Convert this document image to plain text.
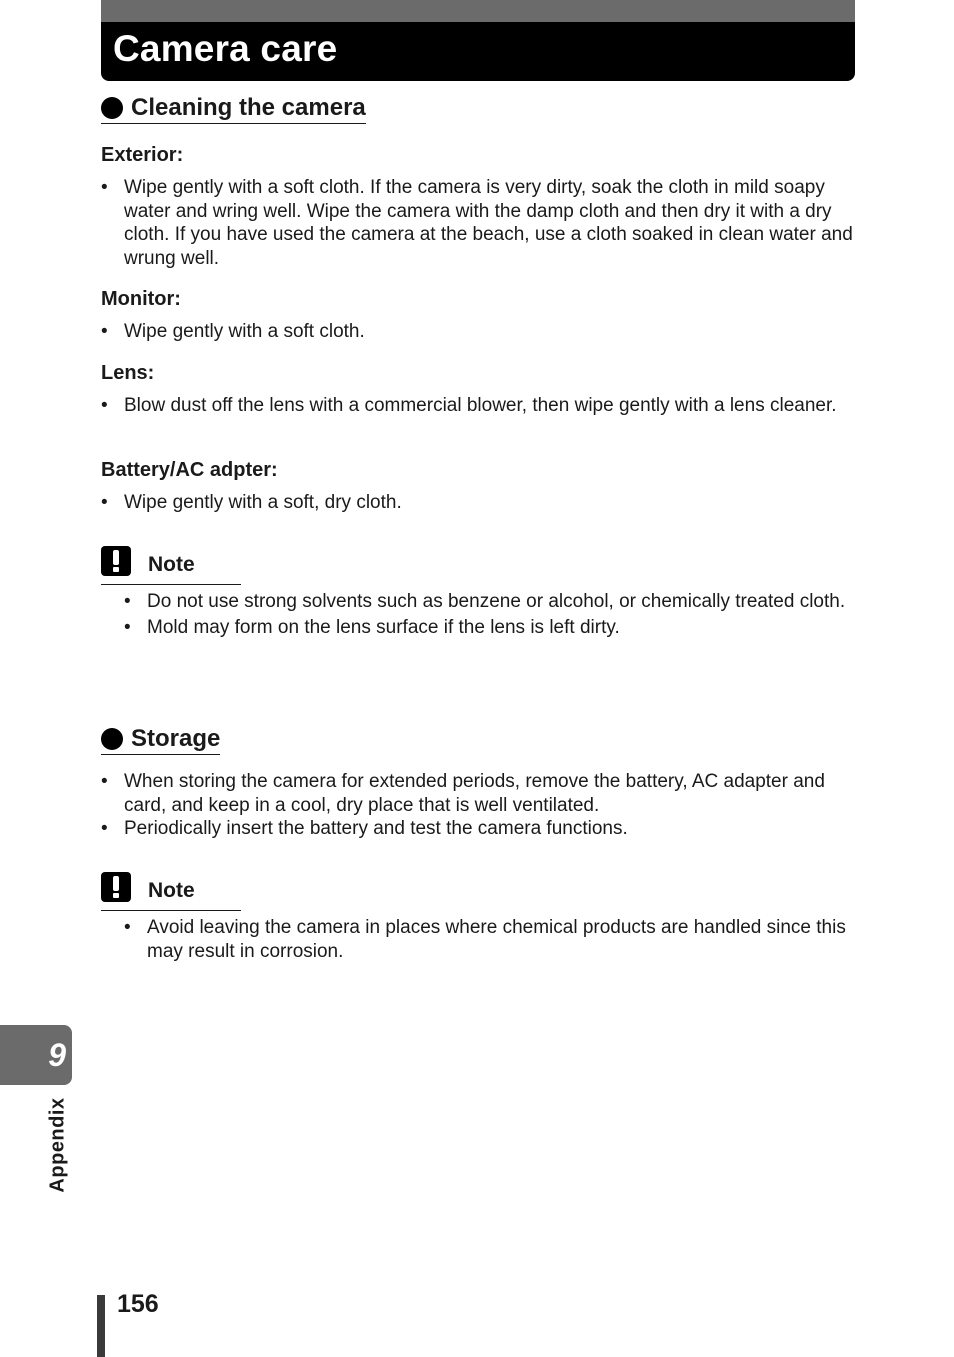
Camera care
Cleaning the camera
Exterior:
• Wipe gently with a soft cloth. If the camera is very dirty, soak the cloth in mild soapy water and wring well. Wipe the camera with the damp cloth and then dry it with a dry cloth. If you have used the camera at the beach, use a cloth soaked in clean water and wrung well.
Monitor:
• Wipe gently with a soft cloth.
Lens:
• Blow dust off the lens with a commercial blower, then wipe gently with a lens cleaner.
Battery/AC adpter:
• Wipe gently with a soft, dry cloth.
Note
• Do not use strong solvents such as benzene or alcohol, or chemically treated cloth.
• Mold may form on the lens surface if the lens is left dirty.
Storage
• When storing the camera for extended periods, remove the battery, AC adapter and card, and keep in a cool, dry place that is well ventilated.
• Periodically insert the battery and test the camera functions.
Note
• Avoid leaving the camera in places where chemical products are handled since this may result in corrosion.
9
Appendix
156
